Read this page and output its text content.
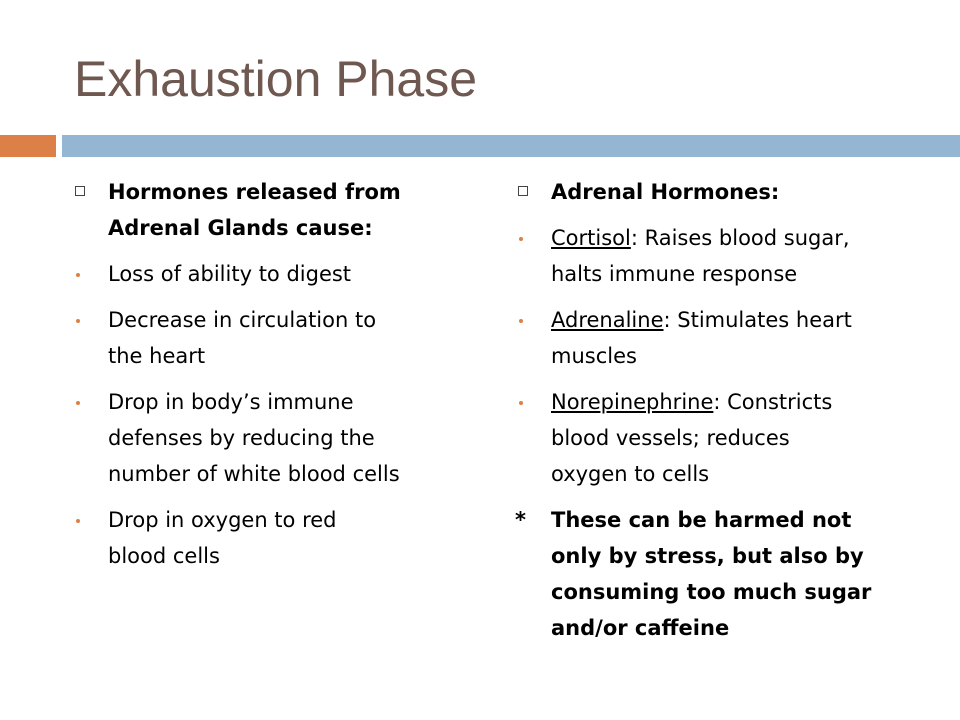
Exhaustion Phase
Hormones released from
Adrenal Glands cause:
Loss of ability to digest
Decrease in circulation to
the heart
Drop in body’s immune
defenses by reducing the
number of white blood cells
Drop in oxygen to red
blood cells
Adrenal Hormones:
Cortisol: Raises blood sugar,
halts immune response
Adrenaline: Stimulates heart
muscles
Norepinephrine: Constricts
blood vessels; reduces
oxygen to cells
* These can be harmed not
only by stress, but also by
consuming too much sugar
and/or caffeine
